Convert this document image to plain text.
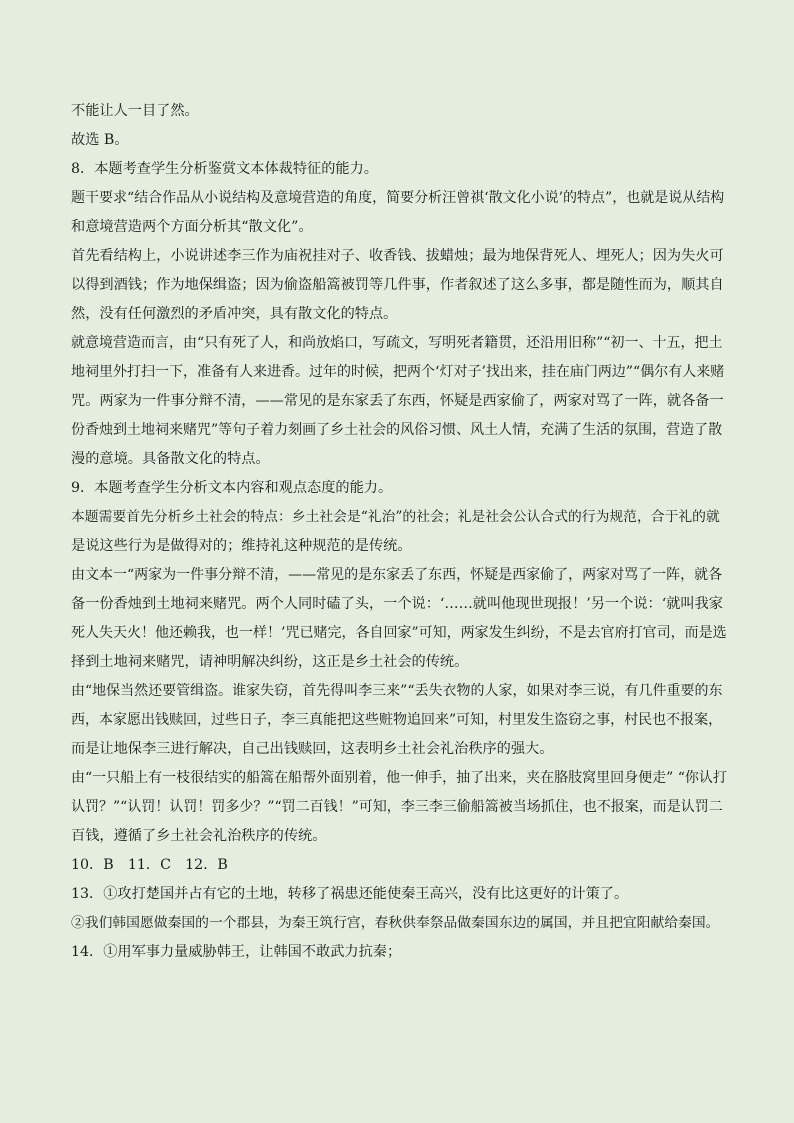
不能让人一目了然。

故选 B。

8．本题考查学生分析鉴赏文本体裁特征的能力。

题干要求“结合作品从小说结构及意境营造的角度，简要分析汪曾祺‘散文化小说’的特点”，也就是说从结构

和意境营造两个方面分析其“散文化”。

首先看结构上，小说讲述李三作为庙祝挂对子、收香钱、拔蜡烛；最为地保背死人、埋死人；因为失火可

以得到酒钱；作为地保缉盗；因为偷盗船篙被罚等几件事，作者叙述了这么多事，都是随性而为，顺其自

然，没有任何激烈的矛盾冲突，具有散文化的特点。

就意境营造而言，由“只有死了人，和尚放焰口，写疏文，写明死者籍贯，还沿用旧称”“初一、十五，把土

地祠里外打扫一下，准备有人来进香。过年的时候，把两个‘灯对子’找出来，挂在庙门两边”“偶尔有人来赌

咒。两家为一件事分辩不清，——常见的是东家丢了东西，怀疑是西家偷了，两家对骂了一阵，就各备一

份香烛到土地祠来赌咒”等句子着力刻画了乡土社会的风俗习惯、风土人情，充满了生活的氛围，营造了散

漫的意境。具备散文化的特点。

9．本题考查学生分析文本内容和观点态度的能力。

本题需要首先分析乡土社会的特点：乡土社会是“礼治”的社会；礼是社会公认合式的行为规范，合于礼的就

是说这些行为是做得对的；维持礼这种规范的是传统。

由文本一“两家为一件事分辩不清，——常见的是东家丢了东西，怀疑是西家偷了，两家对骂了一阵，就各

备一份香烛到土地祠来赌咒。两个人同时磕了头，一个说：‘……就叫他现世现报！’另一个说：‘就叫我家

死人失天火！他还赖我，也一样！’咒已赌完，各自回家”可知，两家发生纠纷，不是去官府打官司，而是选

择到土地祠来赌咒，请神明解决纠纷，这正是乡土社会的传统。

由“地保当然还要管缉盗。谁家失窃，首先得叫李三来”“丢失衣物的人家，如果对李三说，有几件重要的东

西，本家愿出钱赎回，过些日子，李三真能把这些赃物追回来”可知，村里发生盗窃之事，村民也不报案，

而是让地保李三进行解决，自己出钱赎回，这表明乡土社会礼治秩序的强大。

由“一只船上有一枝很结实的船篙在船帮外面别着，他一伸手，抽了出来，夹在胳肢窝里回身便走” “你认打

认罚？”“认罚！认罚！罚多少？”“罚二百钱！”可知，李三李三偷船篙被当场抓住，也不报案，而是认罚二

百钱，遵循了乡土社会礼治秩序的传统。

10．B　11．C　12．B

13．①攻打楚国并占有它的土地，转移了祸患还能使秦王高兴，没有比这更好的计策了。

②我们韩国愿做秦国的一个郡县，为秦王筑行宫，春秋供奉祭品做秦国东边的属国，并且把宜阳献给秦国。

14．①用军事力量威胁韩王，让韩国不敢武力抗秦；
